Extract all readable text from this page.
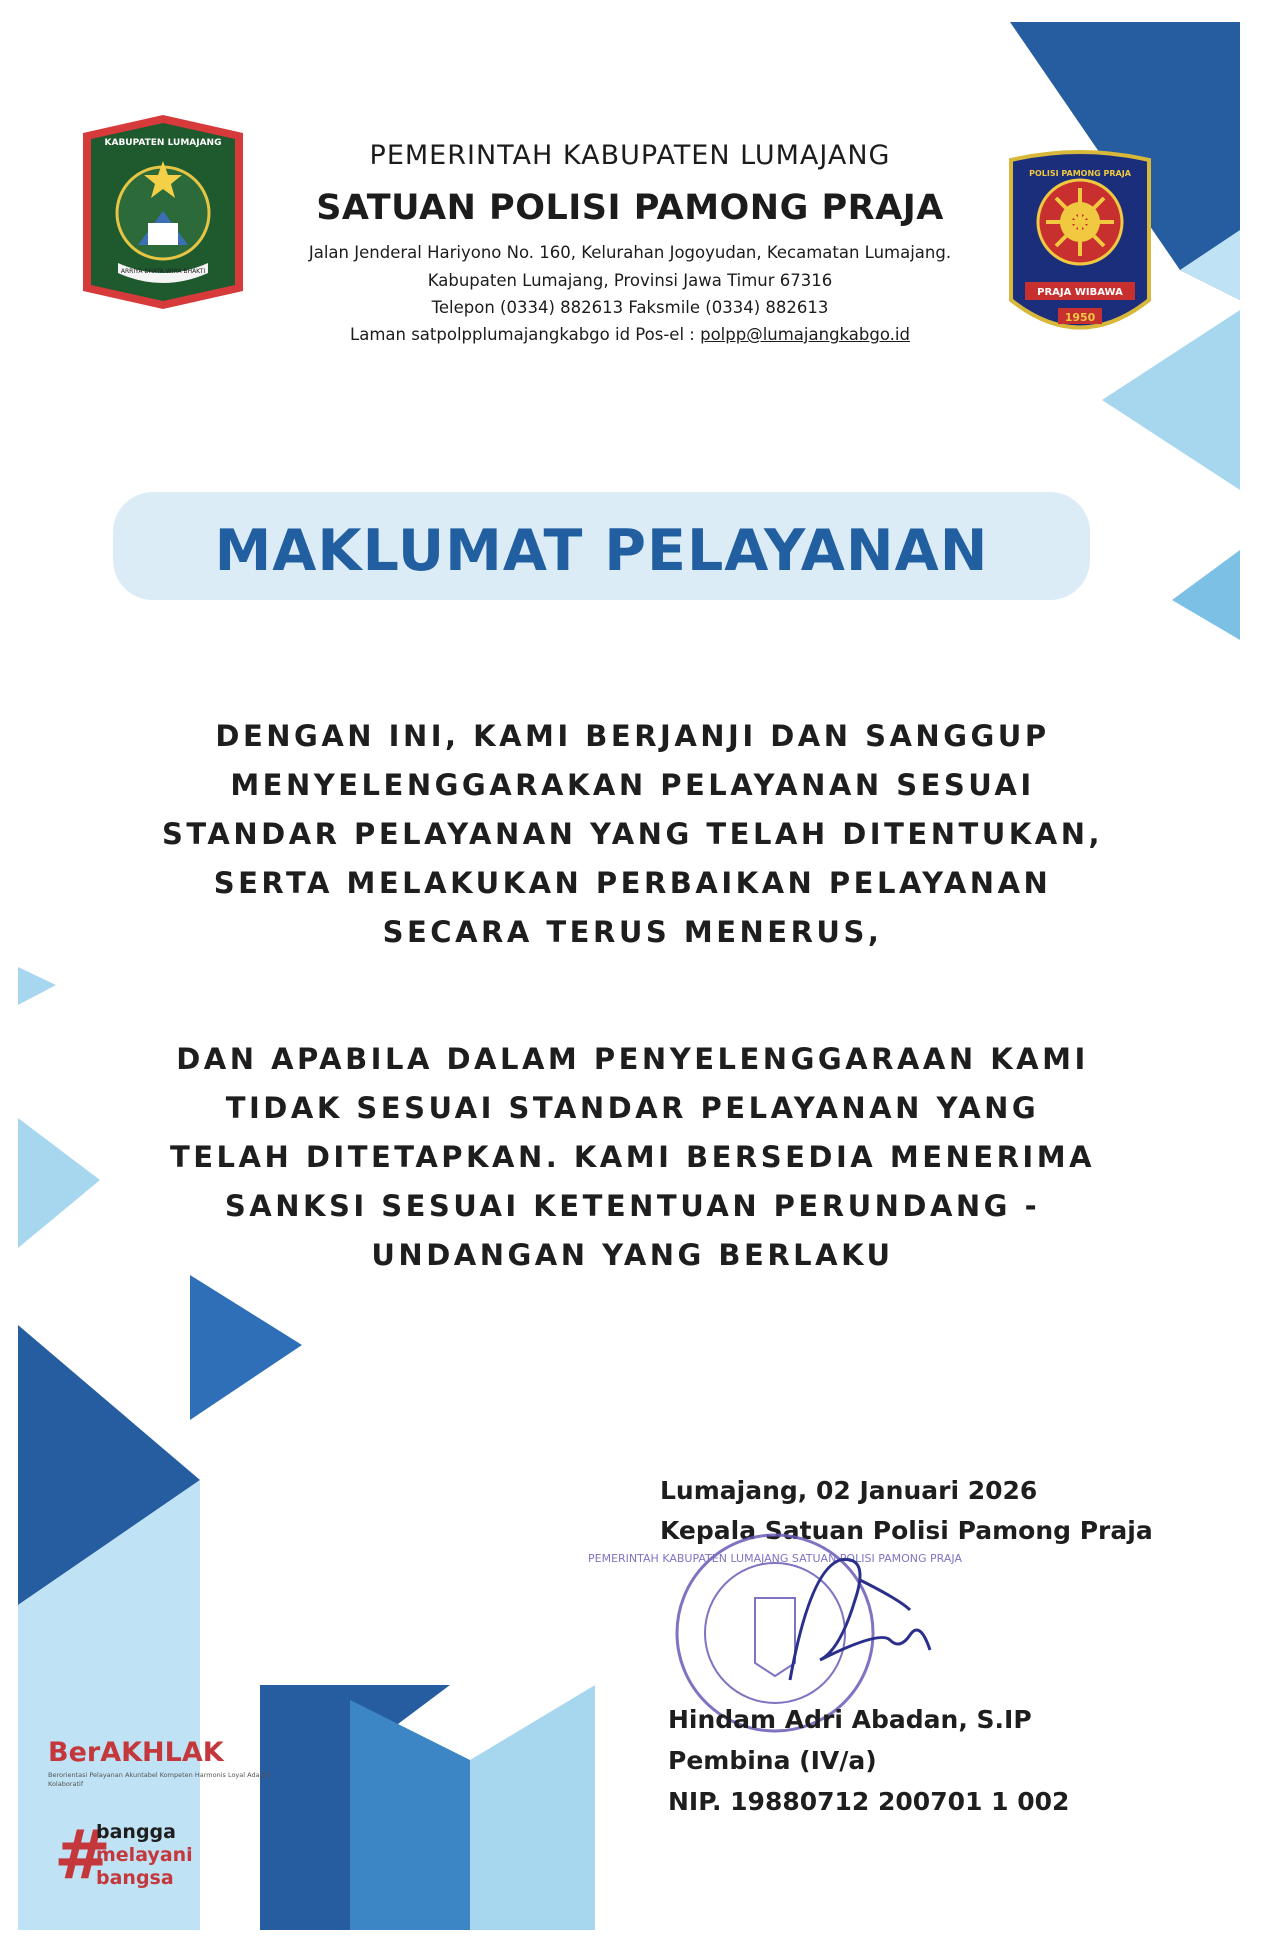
KABUPATEN LUMAJANG
ARRIYA BHATA WIRA BHAKTI
PEMERINTAH KABUPATEN LUMAJANG
SATUAN POLISI PAMONG PRAJA
Jalan Jenderal Hariyono No. 160, Kelurahan Jogoyudan, Kecamatan Lumajang.
Kabupaten Lumajang, Provinsi Jawa Timur 67316
Telepon (0334) 882613 Faksmile (0334) 882613
Laman satpolpplumajangkabgo id Pos-el : polpp@lumajangkabgo.id
PRAJA WIBAWA
1950
POLISI PAMONG PRAJA
MAKLUMAT PELAYANAN
DENGAN INI, KAMI BERJANJI DAN SANGGUP
MENYELENGGARAKAN PELAYANAN SESUAI
STANDAR PELAYANAN YANG TELAH DITENTUKAN,
SERTA MELAKUKAN PERBAIKAN PELAYANAN
SECARA TERUS MENERUS,
DAN APABILA DALAM PENYELENGGARAAN KAMI
TIDAK SESUAI STANDAR PELAYANAN YANG
TELAH DITETAPKAN. KAMI BERSEDIA MENERIMA
SANKSI SESUAI KETENTUAN PERUNDANG -
UNDANGAN YANG BERLAKU
Lumajang, 02 Januari 2026
Kepala Satuan Polisi Pamong Praja
PEMERINTAH KABUPATEN LUMAJANG SATUAN POLISI PAMONG PRAJA
Hindam Adri Abadan, S.IP
Pembina (IV/a)
NIP. 19880712 200701 1 002
BerAKHLAK
Berorientasi Pelayanan Akuntabel Kompeten Harmonis Loyal Adaptif Kolaboratif
#
bangga
melayani
bangsa
